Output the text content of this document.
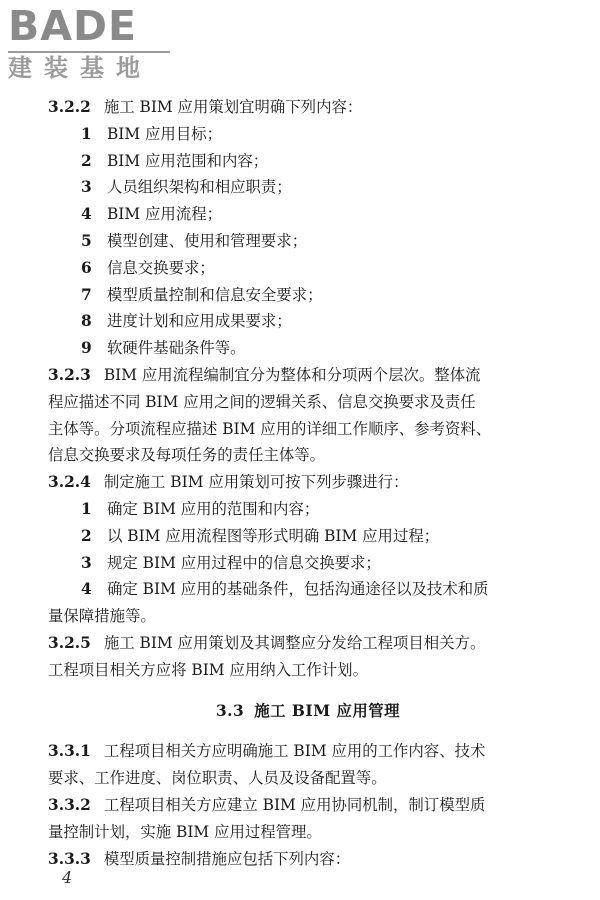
BADE
建装基地
3.2.2 施工 BIM 应用策划宜明确下列内容：
1 BIM 应用目标；
2 BIM 应用范围和内容；
3 人员组织架构和相应职责；
4 BIM 应用流程；
5 模型创建、使用和管理要求；
6 信息交换要求；
7 模型质量控制和信息安全要求；
8 进度计划和应用成果要求；
9 软硬件基础条件等。
3.2.3 BIM 应用流程编制宜分为整体和分项两个层次。整体流
程应描述不同 BIM 应用之间的逻辑关系、信息交换要求及责任
主体等。分项流程应描述 BIM 应用的详细工作顺序、参考资料、
信息交换要求及每项任务的责任主体等。
3.2.4 制定施工 BIM 应用策划可按下列步骤进行：
1 确定 BIM 应用的范围和内容；
2 以 BIM 应用流程图等形式明确 BIM 应用过程；
3 规定 BIM 应用过程中的信息交换要求；
4 确定 BIM 应用的基础条件，包括沟通途径以及技术和质
量保障措施等。
3.2.5 施工 BIM 应用策划及其调整应分发给工程项目相关方。
工程项目相关方应将 BIM 应用纳入工作计划。
3.3 施工 BIM 应用管理
3.3.1 工程项目相关方应明确施工 BIM 应用的工作内容、技术
要求、工作进度、岗位职责、人员及设备配置等。
3.3.2 工程项目相关方应建立 BIM 应用协同机制，制订模型质
量控制计划，实施 BIM 应用过程管理。
3.3.3 模型质量控制措施应包括下列内容：
4
